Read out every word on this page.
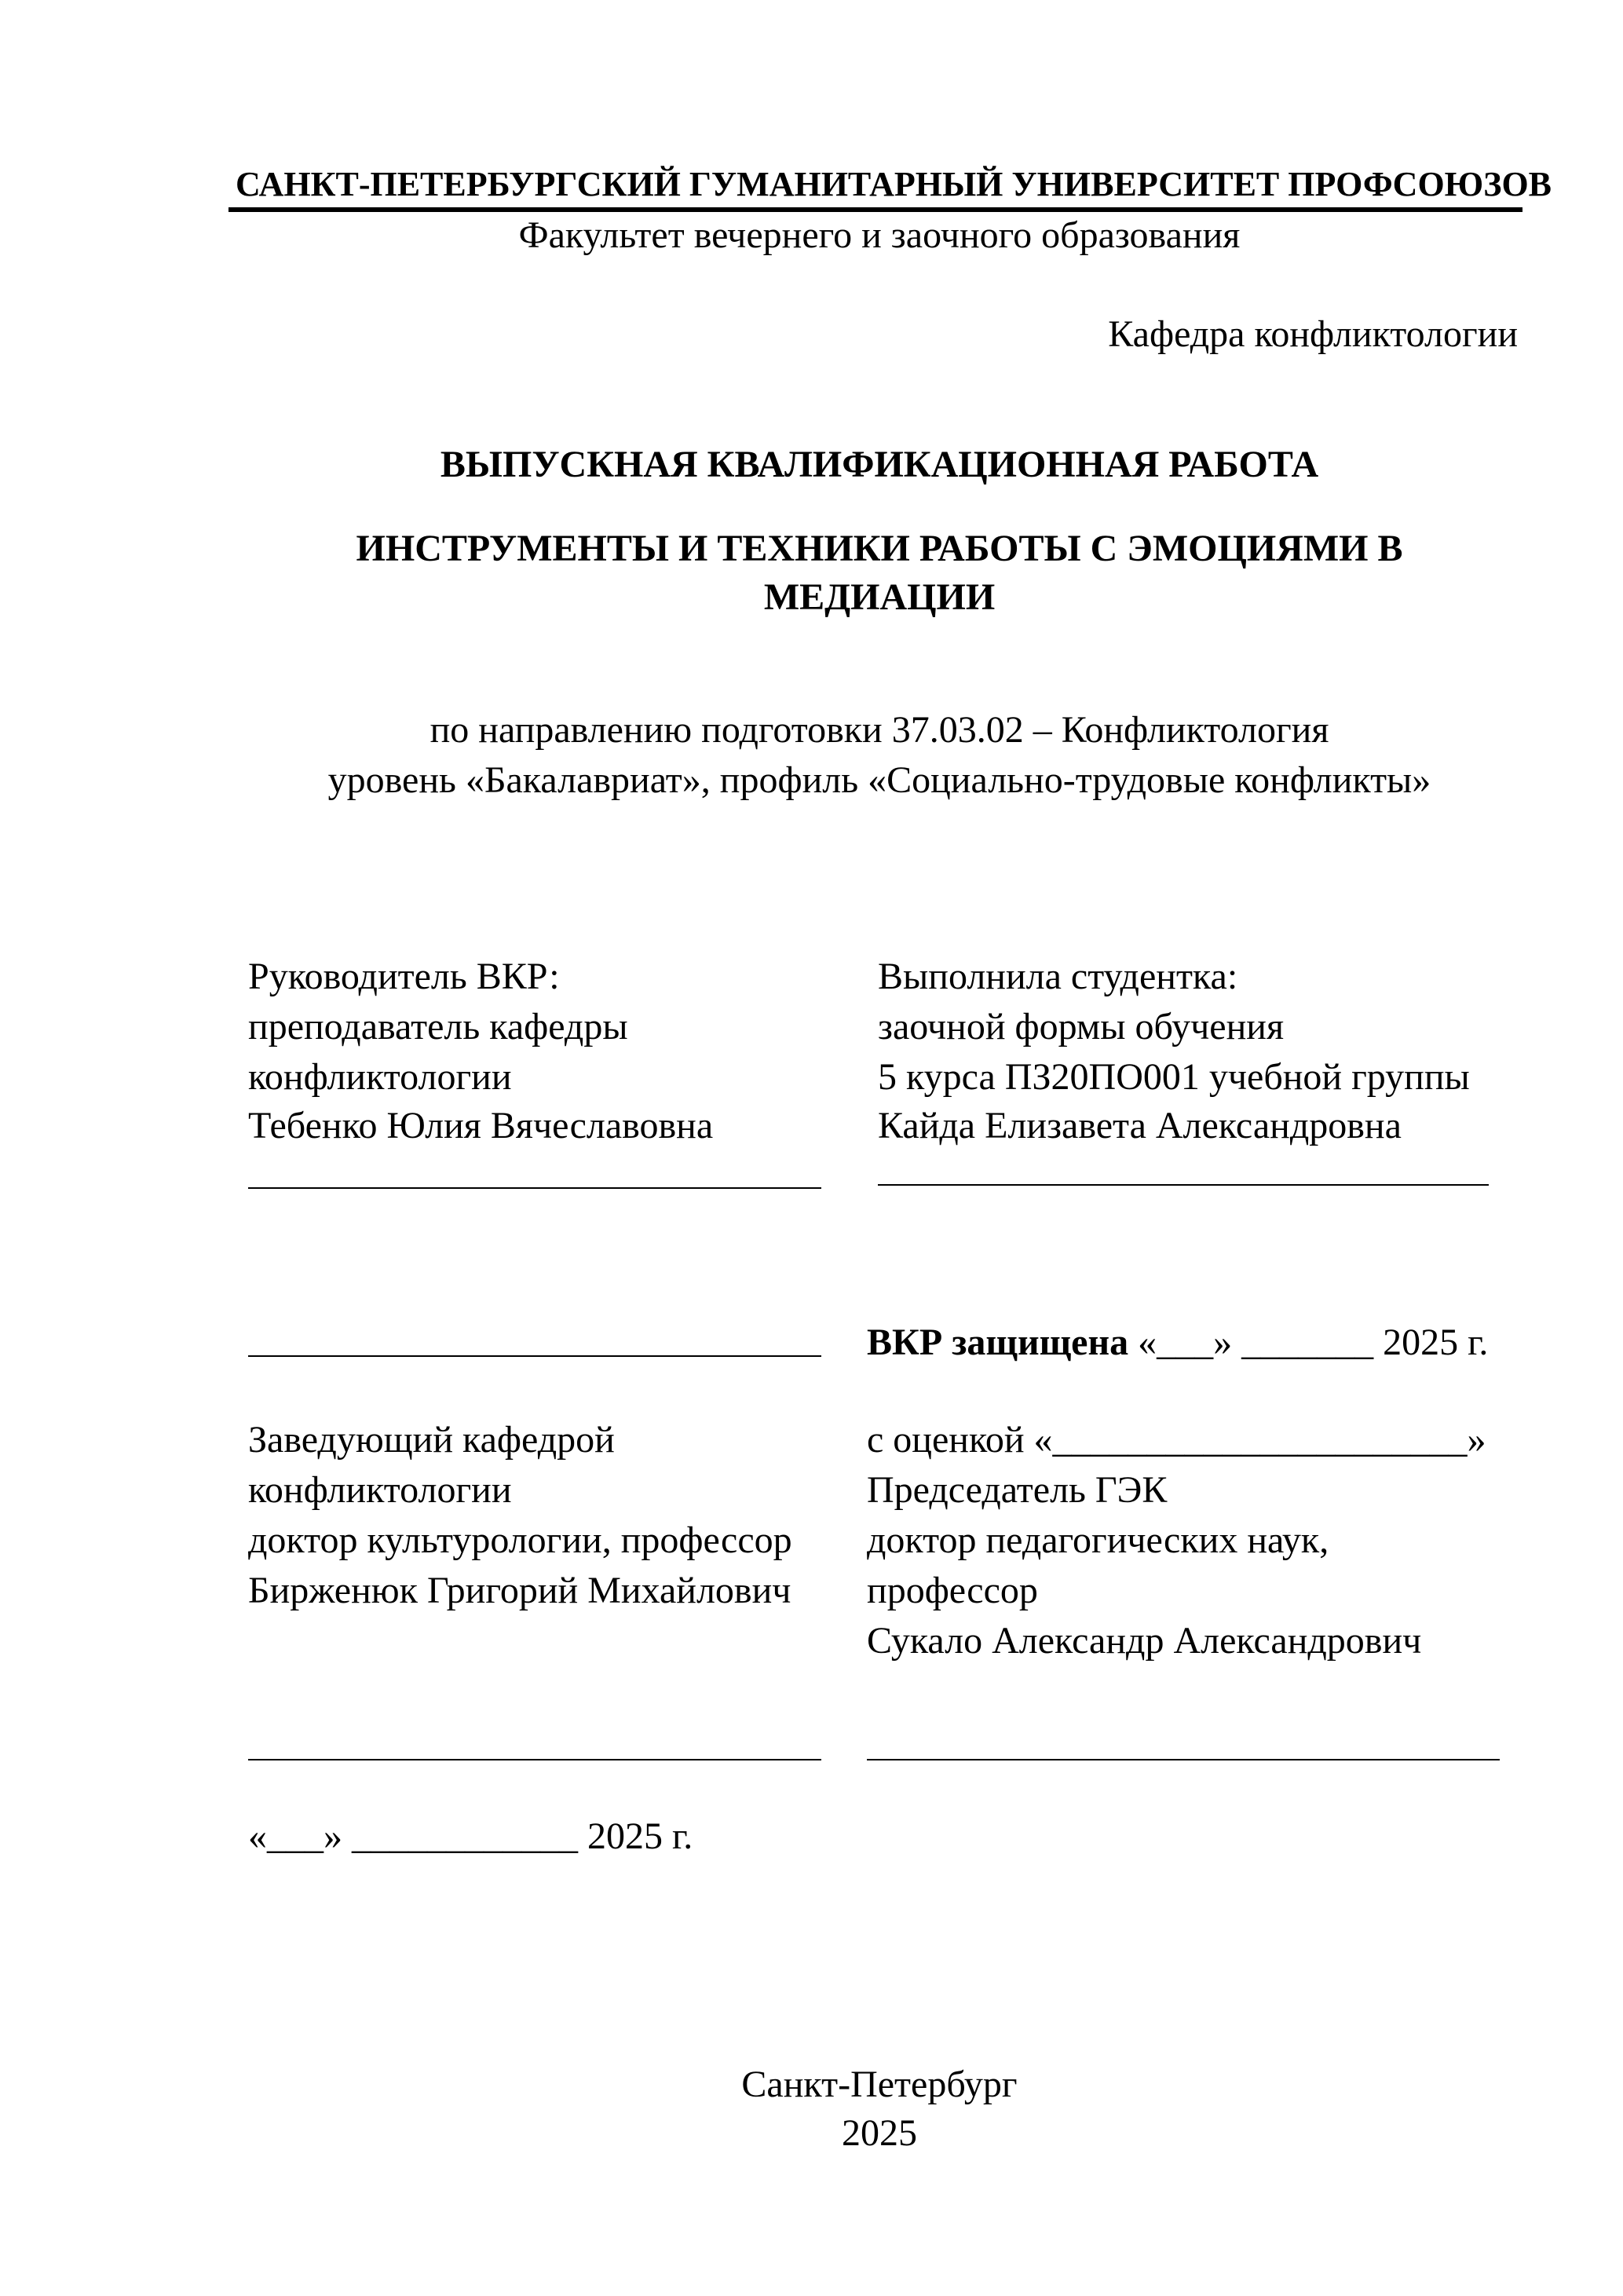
САНКТ-ПЕТЕРБУРГСКИЙ ГУМАНИТАРНЫЙ УНИВЕРСИТЕТ ПРОФСОЮЗОВ
Факультет вечернего и заочного образования
Кафедра конфликтологии
ВЫПУСКНАЯ КВАЛИФИКАЦИОННАЯ РАБОТА
ИНСТРУМЕНТЫ И ТЕХНИКИ РАБОТЫ С ЭМОЦИЯМИ В
МЕДИАЦИИ
по направлению подготовки 37.03.02 – Конфликтология
уровень «Бакалавриат», профиль «Социально-трудовые конфликты»
Руководитель ВКР:
преподаватель кафедры
конфликтологии
Тебенко Юлия Вячеславовна
Выполнила студентка:
заочной формы обучения
5 курса ПЗ20ПО001 учебной группы
Кайда Елизавета Александровна
ВКР защищена «___» _______ 2025 г.
Заведующий кафедрой
конфликтологии
доктор культурологии, профессор
Бирженюк Григорий Михайлович
«___» ____________ 2025 г.
с оценкой «______________________»
Председатель ГЭК
доктор педагогических наук,
профессор
Сукало Александр Александрович
Санкт-Петербург
2025
